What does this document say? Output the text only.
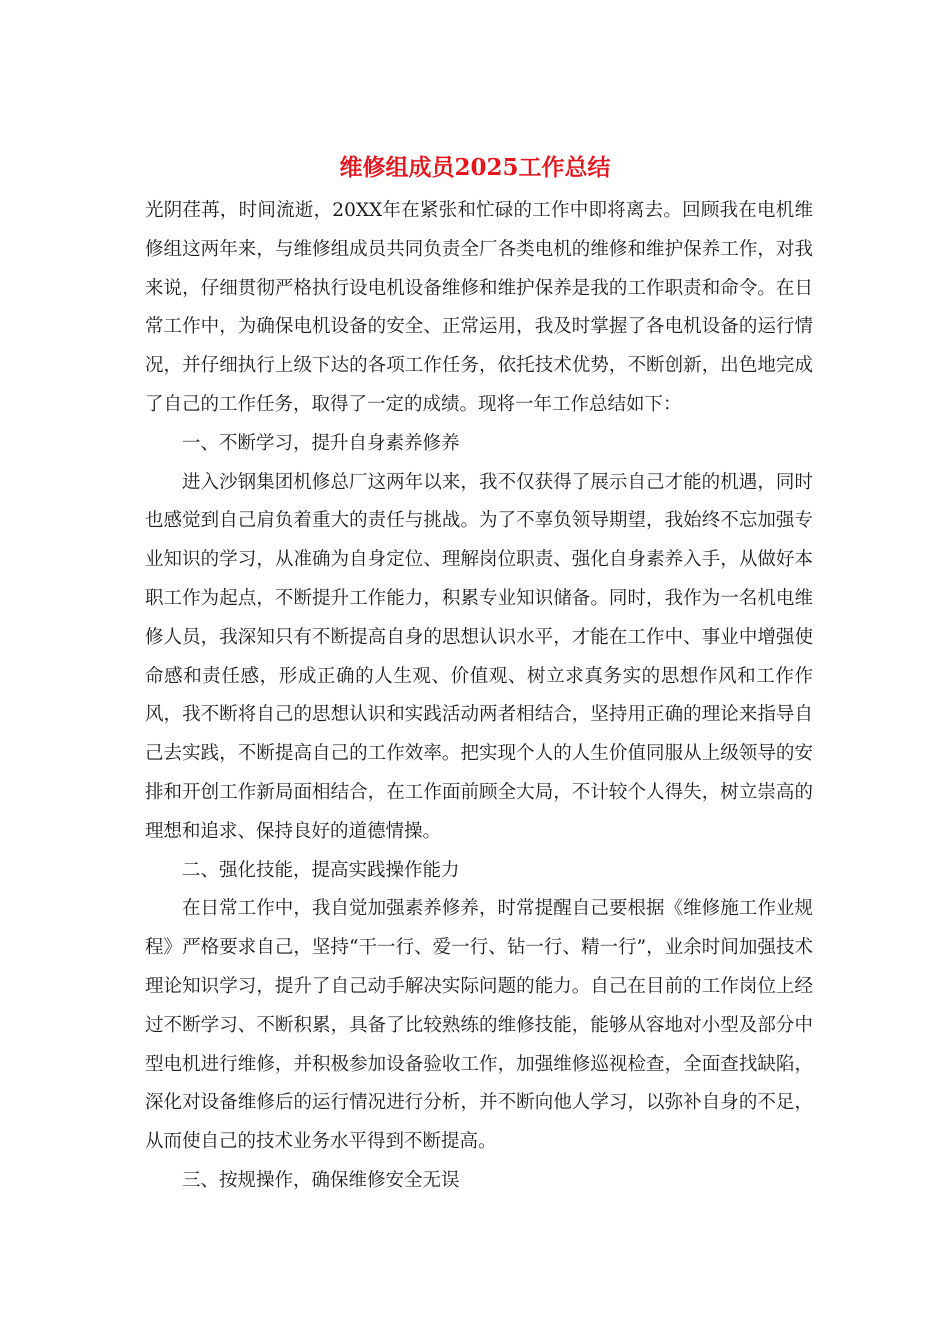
维修组成员2025工作总结

光阴荏苒，时间流逝，20XX年在紧张和忙碌的工作中即将离去。回顾我在电机维修组这两年来，与维修组成员共同负责全厂各类电机的维修和维护保养工作，对我来说，仔细贯彻严格执行设电机设备维修和维护保养是我的工作职责和命令。在日常工作中，为确保电机设备的安全、正常运用，我及时掌握了各电机设备的运行情况，并仔细执行上级下达的各项工作任务，依托技术优势，不断创新，出色地完成了自己的工作任务，取得了一定的成绩。现将一年工作总结如下：

一、不断学习，提升自身素养修养

进入沙钢集团机修总厂这两年以来，我不仅获得了展示自己才能的机遇，同时也感觉到自己肩负着重大的责任与挑战。为了不辜负领导期望，我始终不忘加强专业知识的学习，从准确为自身定位、理解岗位职责、强化自身素养入手，从做好本职工作为起点，不断提升工作能力，积累专业知识储备。同时，我作为一名机电维修人员，我深知只有不断提高自身的思想认识水平，才能在工作中、事业中增强使命感和责任感，形成正确的人生观、价值观、树立求真务实的思想作风和工作作风，我不断将自己的思想认识和实践活动两者相结合，坚持用正确的理论来指导自己去实践，不断提高自己的工作效率。把实现个人的人生价值同服从上级领导的安排和开创工作新局面相结合，在工作面前顾全大局，不计较个人得失，树立崇高的理想和追求、保持良好的道德情操。

二、强化技能，提高实践操作能力

在日常工作中，我自觉加强素养修养，时常提醒自己要根据《维修施工作业规程》严格要求自己，坚持“干一行、爱一行、钻一行、精一行”，业余时间加强技术理论知识学习，提升了自己动手解决实际问题的能力。自己在目前的工作岗位上经过不断学习、不断积累，具备了比较熟练的维修技能，能够从容地对小型及部分中型电机进行维修，并积极参加设备验收工作，加强维修巡视检查，全面查找缺陷，深化对设备维修后的运行情况进行分析，并不断向他人学习，以弥补自身的不足，从而使自己的技术业务水平得到不断提高。

三、按规操作，确保维修安全无误
